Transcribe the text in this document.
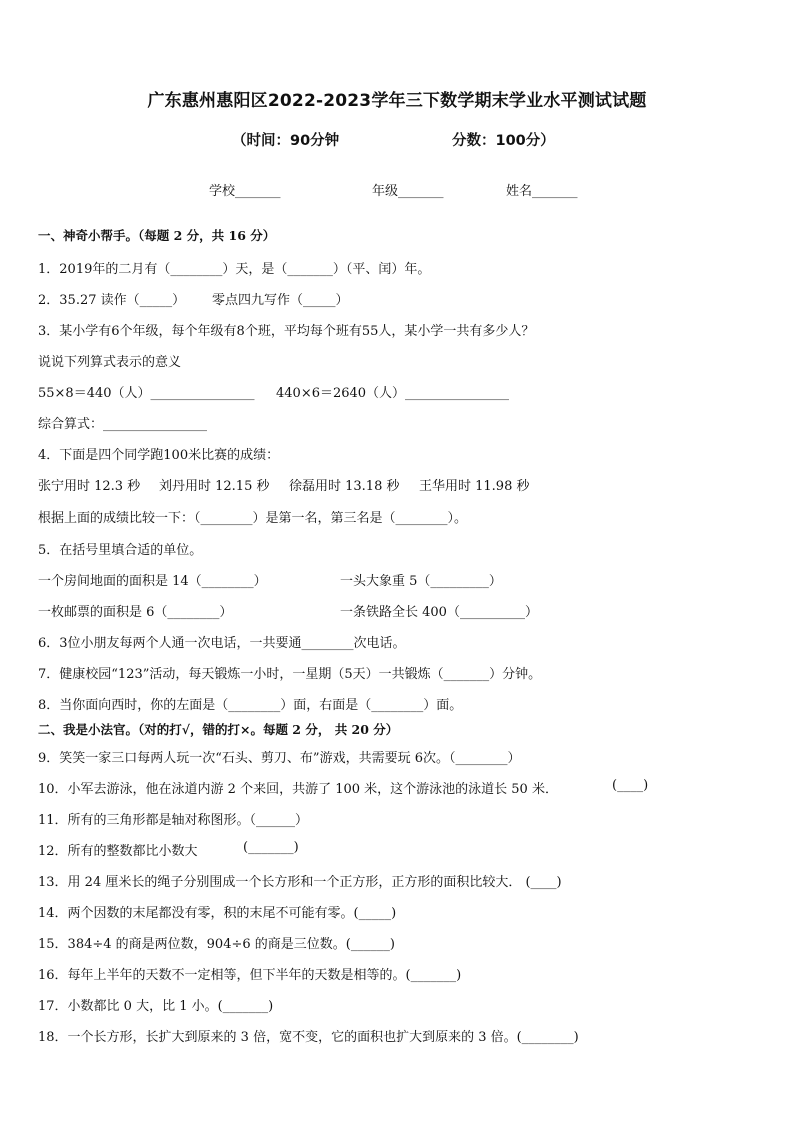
广东惠州惠阳区2022-2023学年三下数学期末学业水平测试试题
（时间：90分钟	分数：100分）
学校_______	年级_______	姓名_______
一、神奇小帮手。（每题 2 分，共 16 分）
1．2019年的二月有（________）天，是（_______）（平、闰）年。
2．35.27 读作（_____） 零点四九写作（_____）
3．某小学有6个年级，每个年级有8个班，平均每个班有55人，某小学一共有多少人？
说说下列算式表示的意义
55×8＝440（人）________________ 440×6＝2640（人）________________
综合算式：________________
4．下面是四个同学跑100米比赛的成绩：
张宁用时 12.3 秒 刘丹用时 12.15 秒 徐磊用时 13.18 秒 王华用时 11.98 秒
根据上面的成绩比较一下：（________）是第一名，第三名是（________）。
5．在括号里填合适的单位。
一个房间地面的面积是 14（________）	一头大象重 5（_________）
一枚邮票的面积是 6（________）	一条铁路全长 400（__________）
6．3位小朋友每两个人通一次电话，一共要通________次电话。
7．健康校园“123”活动，每天锻炼一小时，一星期（5天）一共锻炼（_______）分钟。
8．当你面向西时，你的左面是（________）面，右面是（________）面。
二、我是小法官。（对的打√，错的打×。每题 2 分， 共 20 分）
9．笑笑一家三口每两人玩一次“石头、剪刀、布”游戏，共需要玩 6次。（________）
10．小军去游泳，他在泳道内游 2 个来回，共游了 100 米，这个游泳池的泳道长 50 米．	(____)
11．所有的三角形都是轴对称图形。（______）
12．所有的整数都比小数大	(_______)
13．用 24 厘米长的绳子分别围成一个长方形和一个正方形，正方形的面积比较大． (____)
14．两个因数的末尾都没有零，积的末尾不可能有零。(_____)
15．384÷4 的商是两位数，904÷6 的商是三位数。(______)
16．每年上半年的天数不一定相等，但下半年的天数是相等的。(_______)
17．小数都比 0 大，比 1 小。(_______)
18．一个长方形，长扩大到原来的 3 倍，宽不变，它的面积也扩大到原来的 3 倍。(________)
